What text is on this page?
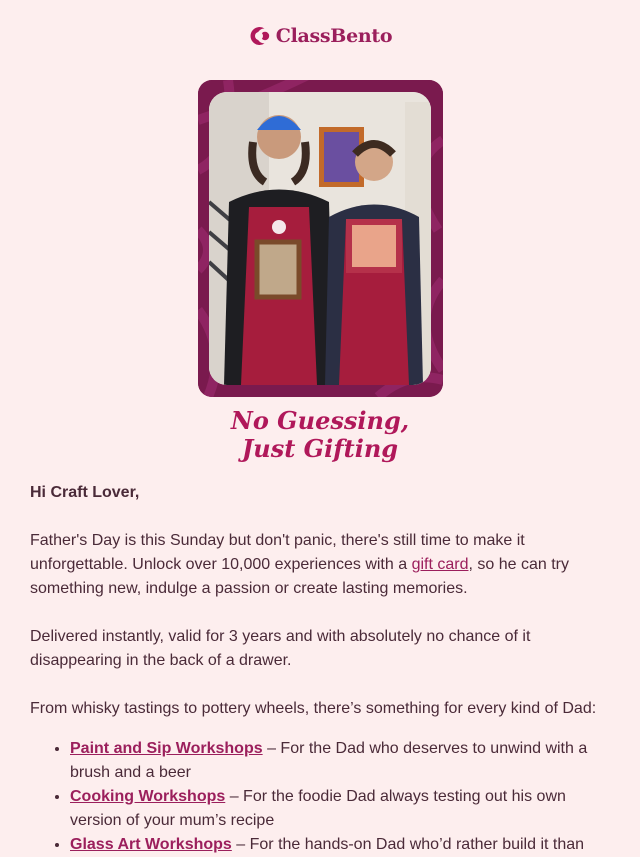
ClassBento
No Guessing,
Just Gifting
Hi Craft Lover,

Father's Day is this Sunday but don't panic, there's still time to make it unforgettable. Unlock over 10,000 experiences with a gift card, so he can try something new, indulge a passion or create lasting memories.

Delivered instantly, valid for 3 years and with absolutely no chance of it disappearing in the back of a drawer.

From whisky tastings to pottery wheels, there’s something for every kind of Dad:

• Paint and Sip Workshops – For the Dad who deserves to unwind with a brush and a beer
• Cooking Workshops – For the foodie Dad always testing out his own version of your mum’s recipe
• Glass Art Workshops – For the hands-on Dad who’d rather build it than
